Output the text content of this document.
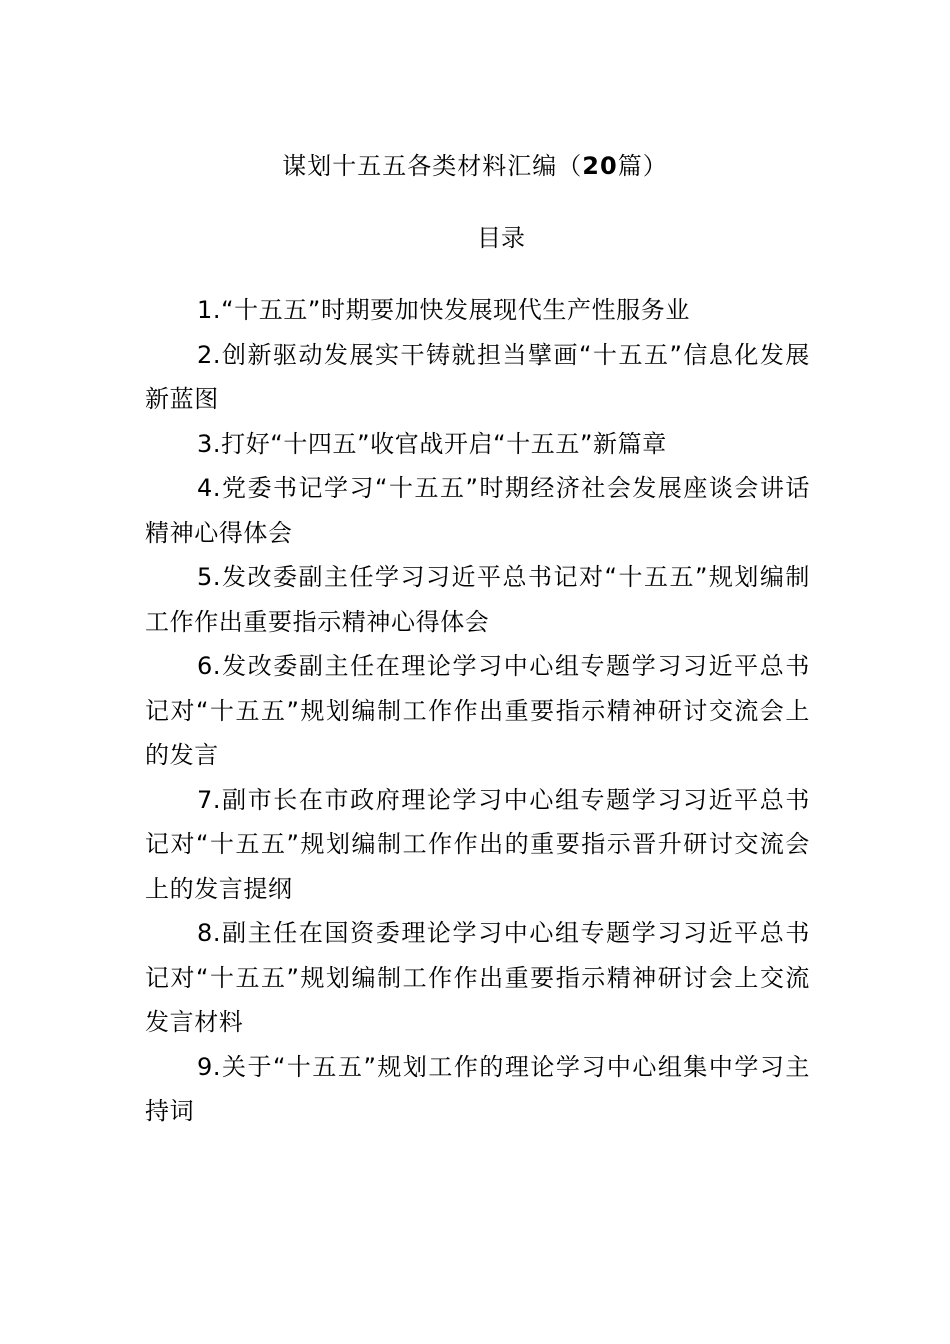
谋划十五五各类材料汇编（20篇）
目录
1.“十五五”时期要加快发展现代生产性服务业
2.创新驱动发展实干铸就担当擘画“十五五”信息化发展新蓝图
3.打好“十四五”收官战开启“十五五”新篇章
4.党委书记学习“十五五”时期经济社会发展座谈会讲话精神心得体会
5.发改委副主任学习习近平总书记对“十五五”规划编制工作作出重要指示精神心得体会
6.发改委副主任在理论学习中心组专题学习习近平总书记对“十五五”规划编制工作作出重要指示精神研讨交流会上的发言
7.副市长在市政府理论学习中心组专题学习习近平总书记对“十五五”规划编制工作作出的重要指示晋升研讨交流会上的发言提纲
8.副主任在国资委理论学习中心组专题学习习近平总书记对“十五五”规划编制工作作出重要指示精神研讨会上交流发言材料
9.关于“十五五”规划工作的理论学习中心组集中学习主持词
